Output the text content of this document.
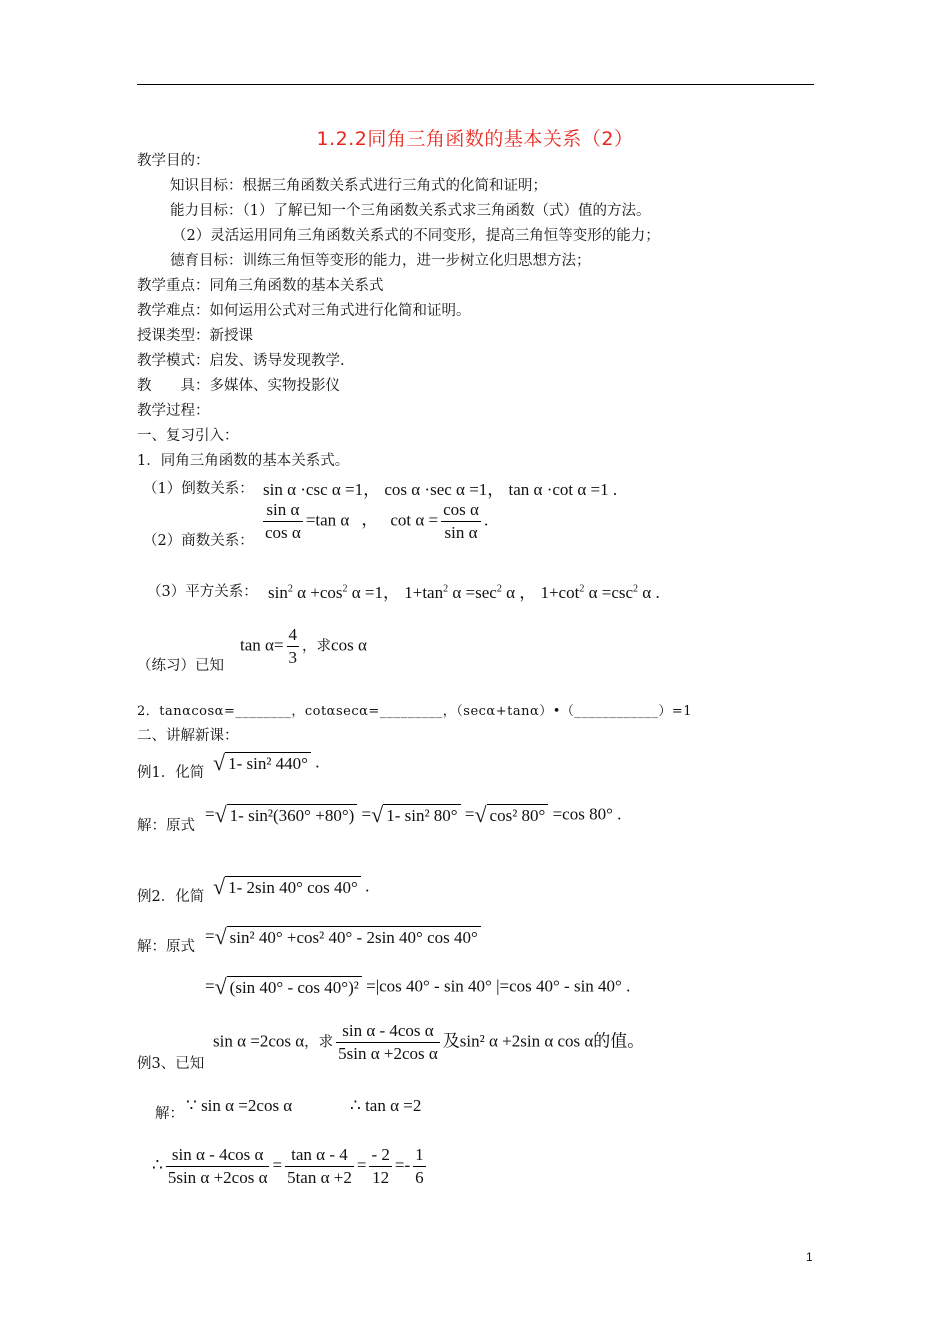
1.2.2同角三角函数的基本关系（2）
教学目的：
知识目标：根据三角函数关系式进行三角式的化简和证明；
能力目标：（1）了解已知一个三角函数关系式求三角函数（式）值的方法。
（2）灵活运用同角三角函数关系式的不同变形，提高三角恒等变形的能力；
德育目标：训练三角恒等变形的能力，进一步树立化归思想方法；
教学重点：同角三角函数的基本关系式
教学难点：如何运用公式对三角式进行化简和证明。
授课类型：新授课
教学模式：启发、诱导发现教学.
教　　具：多媒体、实物投影仪
教学过程：
一、复习引入：
1．同角三角函数的基本关系式。
（1）倒数关系： sin α ·csc α =1， cos α ·sec α =1， tan α ·cot α =1 .
（2）商数关系： $\frac{\text{sin α}}{\text{cos α}} =\tan$ α ， $\cot \alpha = \frac{\text{cos α}}{\text{sin α}}$ .
（3）平方关系： $\sin^2 \alpha +\cos^2$ α =1， $1+\tan^2$ $\alpha =\sec^2$ α ， $1+\cot^2$ $\alpha =\csc^2$ α .
（练习）已知
$\tan \alpha= \frac{4}{3}$ ，求cos α
2．tanαcosα=________，cotαsecα=_________，（secα+tanα）•（____________）=1
二、讲解新课：
例1．化简 √ 1- sin² 440° .
解：原式
= √ 1- sin²(360° +80°) = √ 1- sin² 80° = √ cos² 80° =cos 80° .
例2．化简 √ 1- 2sin 40° cos 40° .
解：原式
= √ sin² 40° +cos² 40° - 2sin 40° cos 40°
= √ (sin 40° - cos 40°)² =|cos 40° - sin 40° |=cos 40° - sin 40° .
例3、已知
sin α =2cos α，求 $\frac{\text{sin α - 4cos α}}{\text{5sin α +2cos α}}$ 及sin² α +2sin α cos α的值。
解： ∵ sin α =2cos α	∴ tan α =2
∴ $\frac{\text{sin α - 4cos α}}{\text{5sin α +2cos α}} = \frac{\text{tan α - 4}}{\text{5tan α +2}} = \frac{- 2}{12} =- \frac{1}{6}$
1
